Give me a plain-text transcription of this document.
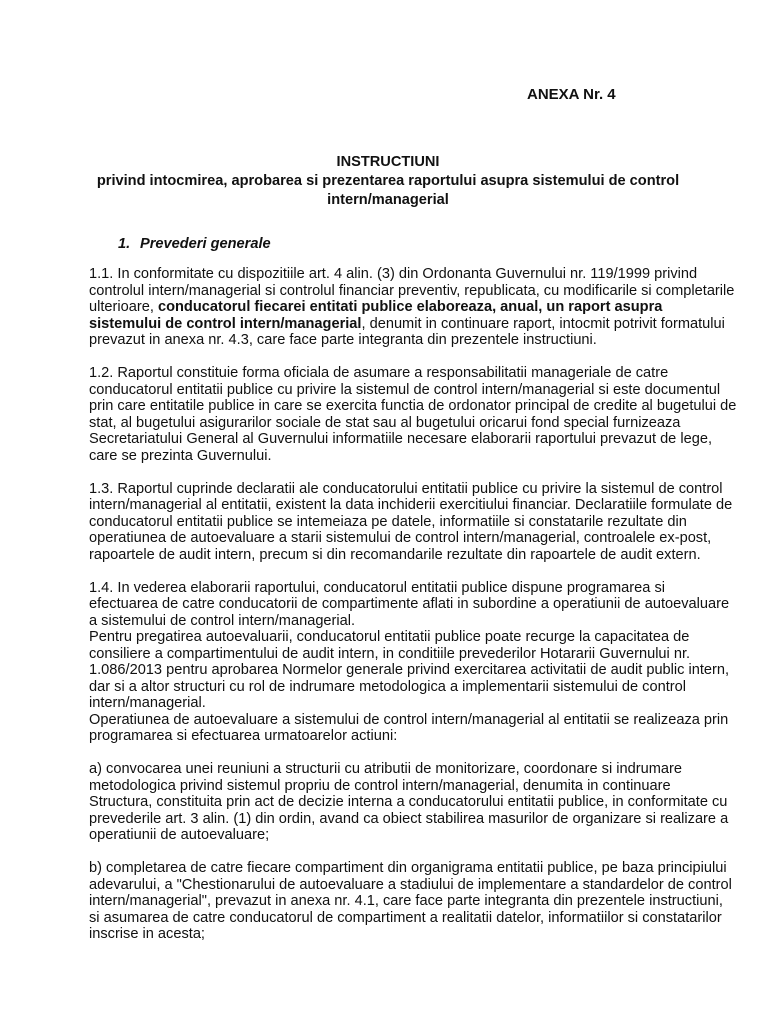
ANEXA Nr. 4
INSTRUCTIUNI
privind intocmirea, aprobarea si prezentarea raportului asupra sistemului de control
intern/managerial
1. Prevederi generale
1.1. In conformitate cu dispozitiile art. 4 alin. (3) din Ordonanta Guvernului nr. 119/1999 privind
controlul intern/managerial si controlul financiar preventiv, republicata, cu modificarile si completarile
ulterioare, conducatorul fiecarei entitati publice elaboreaza, anual, un raport asupra
sistemului de control intern/managerial, denumit in continuare raport, intocmit potrivit formatului
prevazut in anexa nr. 4.3, care face parte integranta din prezentele instructiuni.
1.2. Raportul constituie forma oficiala de asumare a responsabilitatii manageriale de catre
conducatorul entitatii publice cu privire la sistemul de control intern/managerial si este documentul
prin care entitatile publice in care se exercita functia de ordonator principal de credite al bugetului de
stat, al bugetului asigurarilor sociale de stat sau al bugetului oricarui fond special furnizeaza
Secretariatului General al Guvernului informatiile necesare elaborarii raportului prevazut de lege,
care se prezinta Guvernului.
1.3. Raportul cuprinde declaratii ale conducatorului entitatii publice cu privire la sistemul de control
intern/managerial al entitatii, existent la data inchiderii exercitiului financiar. Declaratiile formulate de
conducatorul entitatii publice se intemeiaza pe datele, informatiile si constatarile rezultate din
operatiunea de autoevaluare a starii sistemului de control intern/managerial, controalele ex-post,
rapoartele de audit intern, precum si din recomandarile rezultate din rapoartele de audit extern.
1.4. In vederea elaborarii raportului, conducatorul entitatii publice dispune programarea si
efectuarea de catre conducatorii de compartimente aflati in subordine a operatiunii de autoevaluare
a sistemului de control intern/managerial.
Pentru pregatirea autoevaluarii, conducatorul entitatii publice poate recurge la capacitatea de
consiliere a compartimentului de audit intern, in conditiile prevederilor Hotararii Guvernului nr.
1.086/2013 pentru aprobarea Normelor generale privind exercitarea activitatii de audit public intern,
dar si a altor structuri cu rol de indrumare metodologica a implementarii sistemului de control
intern/managerial.
Operatiunea de autoevaluare a sistemului de control intern/managerial al entitatii se realizeaza prin
programarea si efectuarea urmatoarelor actiuni:
a) convocarea unei reuniuni a structurii cu atributii de monitorizare, coordonare si indrumare
metodologica privind sistemul propriu de control intern/managerial, denumita in continuare
Structura, constituita prin act de decizie interna a conducatorului entitatii publice, in conformitate cu
prevederile art. 3 alin. (1) din ordin, avand ca obiect stabilirea masurilor de organizare si realizare a
operatiunii de autoevaluare;
b) completarea de catre fiecare compartiment din organigrama entitatii publice, pe baza principiului
adevarului, a "Chestionarului de autoevaluare a stadiului de implementare a standardelor de control
intern/managerial", prevazut in anexa nr. 4.1, care face parte integranta din prezentele instructiuni,
si asumarea de catre conducatorul de compartiment a realitatii datelor, informatiilor si constatarilor
inscrise in acesta;
